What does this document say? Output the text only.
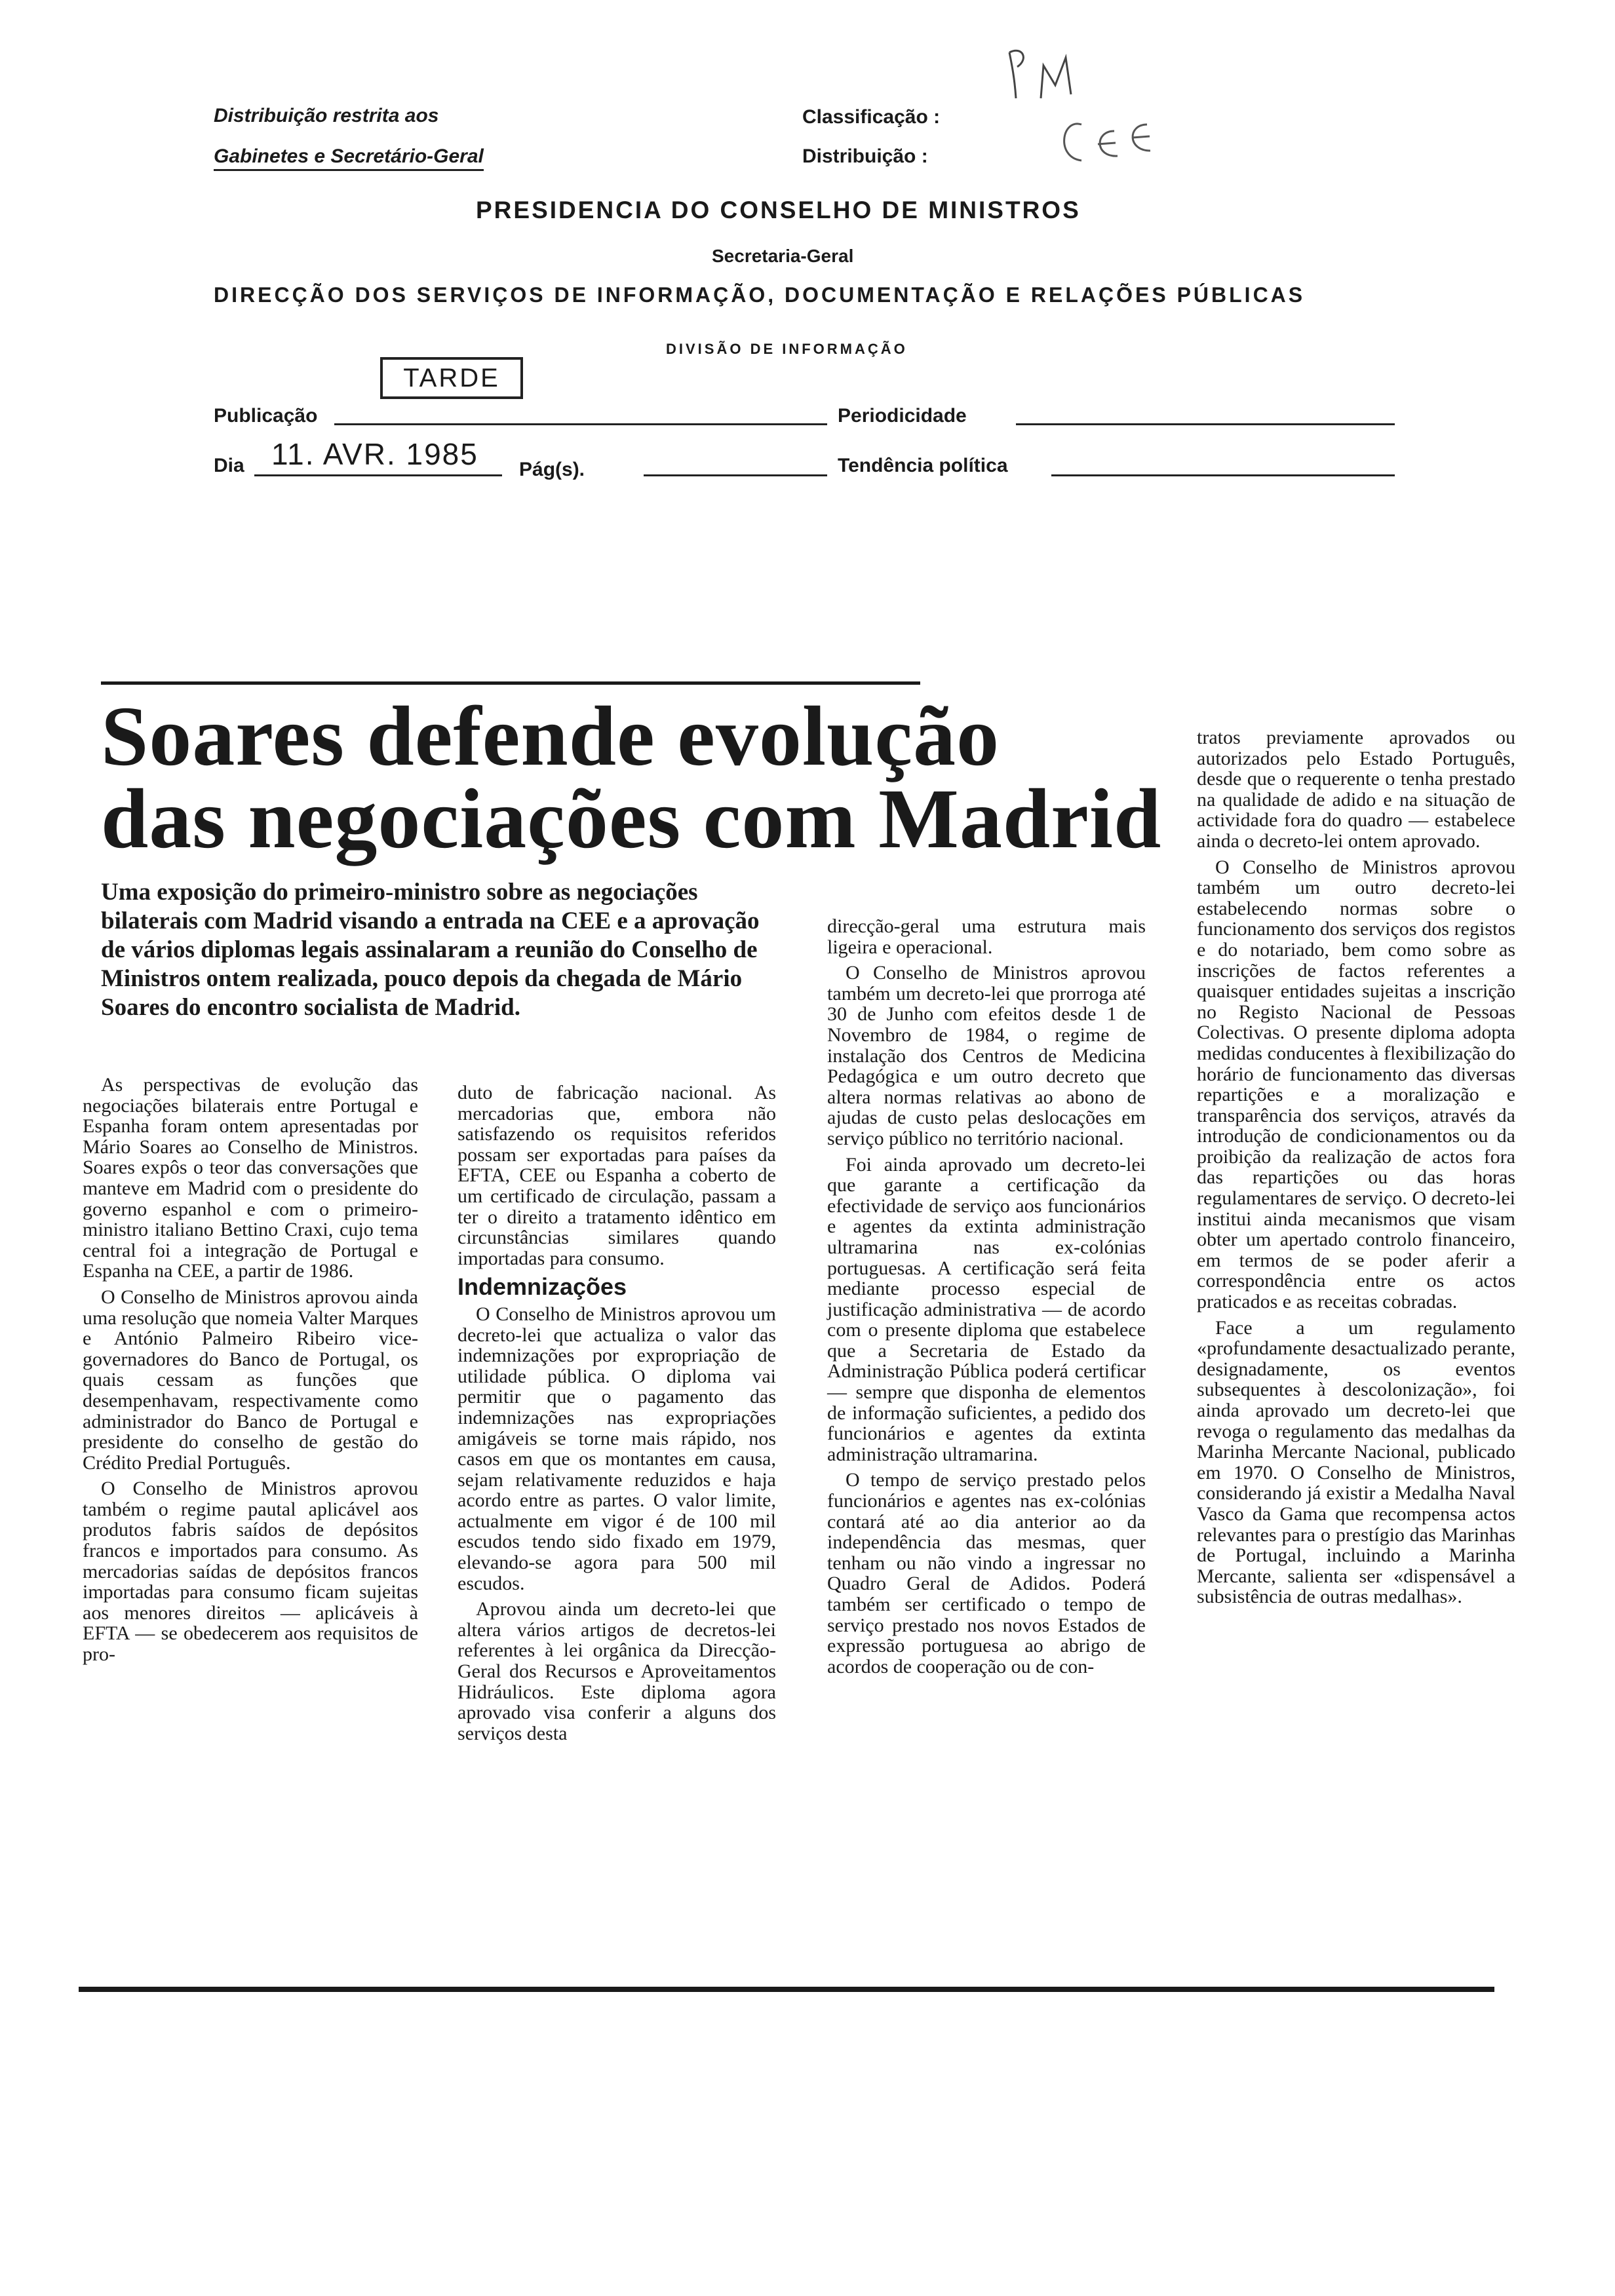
Distribuição restrita aos
Gabinetes e Secretário-Geral
Classificação :
Distribuição :
PM CEE
PRESIDENCIA DO CONSELHO DE MINISTROS
Secretaria-Geral
DIRECÇÃO DOS SERVIÇOS DE INFORMAÇÃO, DOCUMENTAÇÃO E RELAÇÕES PÚBLICAS
DIVISÃO DE INFORMAÇÃO
TARDE
Publicação	Periodicidade
Dia 11. AVR. 1985 Pág(s).	Tendência política
Soares defende evolução
das negociações com Madrid
Uma exposição do primeiro-ministro sobre as negociações bilaterais com Madrid visando a entrada na CEE e a aprovação de vários diplomas legais assinalaram a reunião do Conselho de Ministros ontem realizada, pouco depois da chegada de Mário Soares do encontro socialista de Madrid.

As perspectivas de evolução das negociações bilaterais entre Portugal e Espanha foram ontem apresentadas por Mário Soares ao Conselho de Ministros. Soares expôs o teor das conversações que manteve em Madrid com o presidente do governo espanhol e com o primeiro-ministro italiano Bettino Craxi, cujo tema central foi a integração de Portugal e Espanha na CEE, a partir de 1986.

O Conselho de Ministros aprovou ainda uma resolução que nomeia Valter Marques e António Palmeiro Ribeiro vice-governadores do Banco de Portugal, os quais cessam as funções que desempenhavam, respectivamente como administrador do Banco de Portugal e presidente do conselho de gestão do Crédito Predial Português.

O Conselho de Ministros aprovou também o regime pautal aplicável aos produtos fabris saídos de depósitos francos e importados para consumo. As mercadorias saídas de depósitos francos importadas para consumo ficam sujeitas aos menores direitos — aplicáveis à EFTA — se obedecerem aos requisitos de pro-

duto de fabricação nacional. As mercadorias que, embora não satisfazendo os requisitos referidos possam ser exportadas para países da EFTA, CEE ou Espanha a coberto de um certificado de circulação, passam a ter o direito a tratamento idêntico em circunstâncias similares quando importadas para consumo.

Indemnizações

O Conselho de Ministros aprovou um decreto-lei que actualiza o valor das indemnizações por expropriação de utilidade pública. O diploma vai permitir que o pagamento das indemnizações nas expropriações amigáveis se torne mais rápido, nos casos em que os montantes em causa, sejam relativamente reduzidos e haja acordo entre as partes. O valor limite, actualmente em vigor é de 100 mil escudos tendo sido fixado em 1979, elevando-se agora para 500 mil escudos.

Aprovou ainda um decreto-lei que altera vários artigos de decretos-lei referentes à lei orgânica da Direcção-Geral dos Recursos e Aproveitamentos Hidráulicos. Este diploma agora aprovado visa conferir a alguns dos serviços desta

direcção-geral uma estrutura mais ligeira e operacional.

O Conselho de Ministros aprovou também um decreto-lei que prorroga até 30 de Junho com efeitos desde 1 de Novembro de 1984, o regime de instalação dos Centros de Medicina Pedagógica e um outro decreto que altera normas relativas ao abono de ajudas de custo pelas deslocações em serviço público no território nacional.

Foi ainda aprovado um decreto-lei que garante a certificação da efectividade de serviço aos funcionários e agentes da extinta administração ultramarina nas ex-colónias portuguesas. A certificação será feita mediante processo especial de justificação administrativa — de acordo com o presente diploma que estabelece que a Secretaria de Estado da Administração Pública poderá certificar — sempre que disponha de elementos de informação suficientes, a pedido dos funcionários e agentes da extinta administração ultramarina.

O tempo de serviço prestado pelos funcionários e agentes nas ex-colónias contará até ao dia anterior ao da independência das mesmas, quer tenham ou não vindo a ingressar no Quadro Geral de Adidos. Poderá também ser certificado o tempo de serviço prestado nos novos Estados de expressão portuguesa ao abrigo de acordos de cooperação ou de con-

tratos previamente aprovados ou autorizados pelo Estado Português, desde que o requerente o tenha prestado na qualidade de adido e na situação de actividade fora do quadro — estabelece ainda o decreto-lei ontem aprovado.

O Conselho de Ministros aprovou também um outro decreto-lei estabelecendo normas sobre o funcionamento dos serviços dos registos e do notariado, bem como sobre as inscrições de factos referentes a quaisquer entidades sujeitas a inscrição no Registo Nacional de Pessoas Colectivas. O presente diploma adopta medidas conducentes à flexibilização do horário de funcionamento das diversas repartições e a moralização e transparência dos serviços, através da introdução de condicionamentos ou da proibição da realização de actos fora das repartições ou das horas regulamentares de serviço. O decreto-lei institui ainda mecanismos que visam obter um apertado controlo financeiro, em termos de se poder aferir a correspondência entre os actos praticados e as receitas cobradas.

Face a um regulamento «profundamente desactualizado perante, designadamente, os eventos subsequentes à descolonização», foi ainda aprovado um decreto-lei que revoga o regulamento das medalhas da Marinha Mercante Nacional, publicado em 1970. O Conselho de Ministros, considerando já existir a Medalha Naval Vasco da Gama que recompensa actos relevantes para o prestígio das Marinhas de Portugal, incluindo a Marinha Mercante, salienta ser «dispensável a subsistência de outras medalhas».
